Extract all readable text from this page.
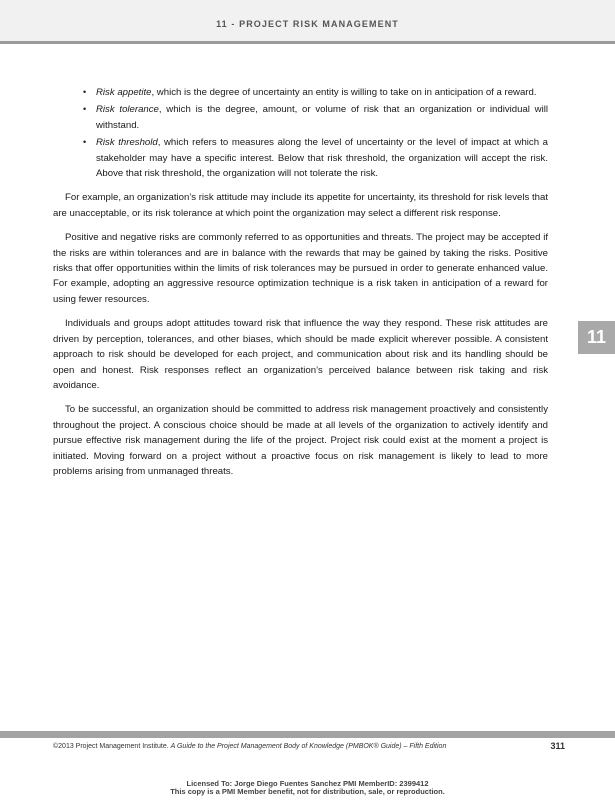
11 - PROJECT RISK MANAGEMENT
• Risk appetite, which is the degree of uncertainty an entity is willing to take on in anticipation of a reward.
• Risk tolerance, which is the degree, amount, or volume of risk that an organization or individual will withstand.
• Risk threshold, which refers to measures along the level of uncertainty or the level of impact at which a stakeholder may have a specific interest. Below that risk threshold, the organization will accept the risk. Above that risk threshold, the organization will not tolerate the risk.

For example, an organization’s risk attitude may include its appetite for uncertainty, its threshold for risk levels that are unacceptable, or its risk tolerance at which point the organization may select a different risk response.

Positive and negative risks are commonly referred to as opportunities and threats. The project may be accepted if the risks are within tolerances and are in balance with the rewards that may be gained by taking the risks. Positive risks that offer opportunities within the limits of risk tolerances may be pursued in order to generate enhanced value. For example, adopting an aggressive resource optimization technique is a risk taken in anticipation of a reward for using fewer resources.

Individuals and groups adopt attitudes toward risk that influence the way they respond. These risk attitudes are driven by perception, tolerances, and other biases, which should be made explicit wherever possible. A consistent approach to risk should be developed for each project, and communication about risk and its handling should be open and honest. Risk responses reflect an organization’s perceived balance between risk taking and risk avoidance.

To be successful, an organization should be committed to address risk management proactively and consistently throughout the project. A conscious choice should be made at all levels of the organization to actively identify and pursue effective risk management during the life of the project. Project risk could exist at the moment a project is initiated. Moving forward on a project without a proactive focus on risk management is likely to lead to more problems arising from unmanaged threats.

11
©2013 Project Management Institute. A Guide to the Project Management Body of Knowledge (PMBOK® Guide) – Fifth Edition	311
Licensed To: Jorge Diego Fuentes Sanchez PMI MemberID: 2399412
This copy is a PMI Member benefit, not for distribution, sale, or reproduction.
